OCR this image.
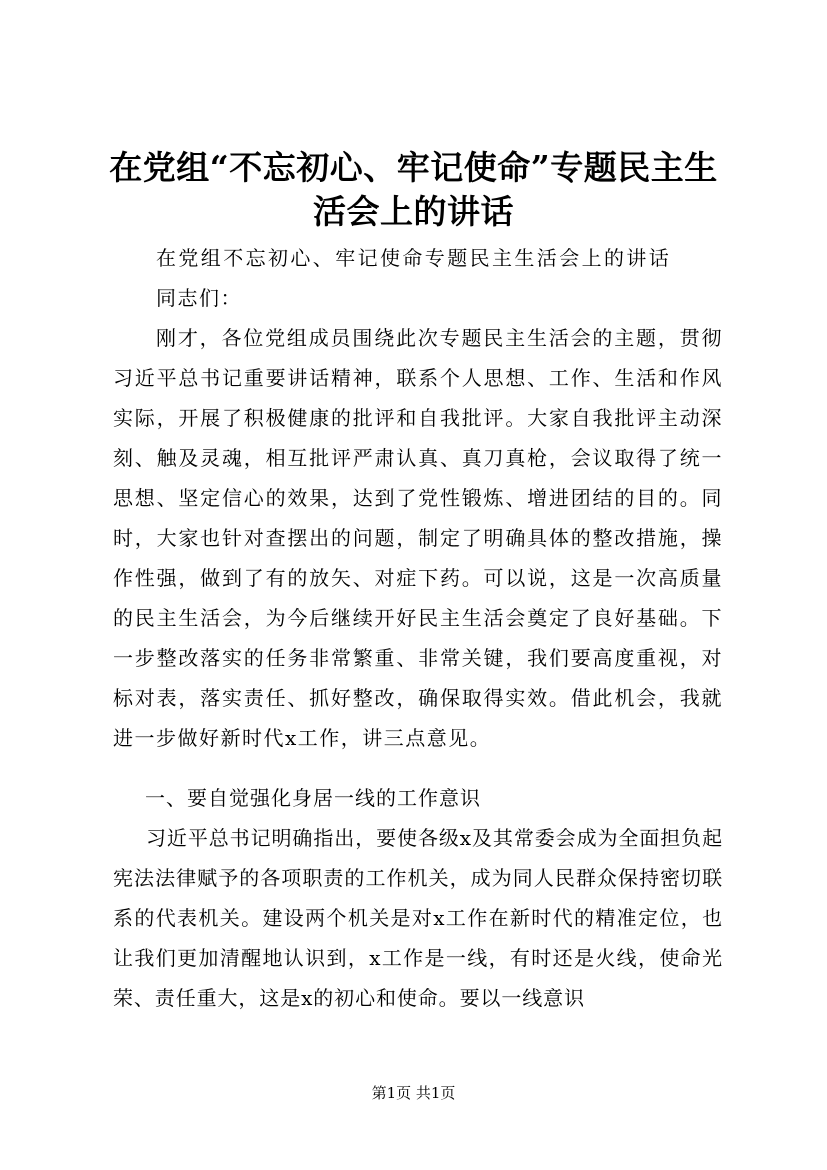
在党组“不忘初心、牢记使命”专题民主生活会上的讲话
在党组不忘初心、牢记使命专题民主生活会上的讲话
同志们：
刚才，各位党组成员围绕此次专题民主生活会的主题，贯彻习近平总书记重要讲话精神，联系个人思想、工作、生活和作风实际，开展了积极健康的批评和自我批评。大家自我批评主动深刻、触及灵魂，相互批评严肃认真、真刀真枪，会议取得了统一思想、坚定信心的效果，达到了党性锻炼、增进团结的目的。同时，大家也针对查摆出的问题，制定了明确具体的整改措施，操作性强，做到了有的放矢、对症下药。可以说，这是一次高质量的民主生活会，为今后继续开好民主生活会奠定了良好基础。下一步整改落实的任务非常繁重、非常关键，我们要高度重视，对标对表，落实责任、抓好整改，确保取得实效。借此机会，我就进一步做好新时代x工作，讲三点意见。
一、要自觉强化身居一线的工作意识
习近平总书记明确指出，要使各级x及其常委会成为全面担负起宪法法律赋予的各项职责的工作机关，成为同人民群众保持密切联系的代表机关。建设两个机关是对x工作在新时代的精准定位，也让我们更加清醒地认识到，x工作是一线，有时还是火线，使命光荣、责任重大，这是x的初心和使命。要以一线意识
第1页 共1页
